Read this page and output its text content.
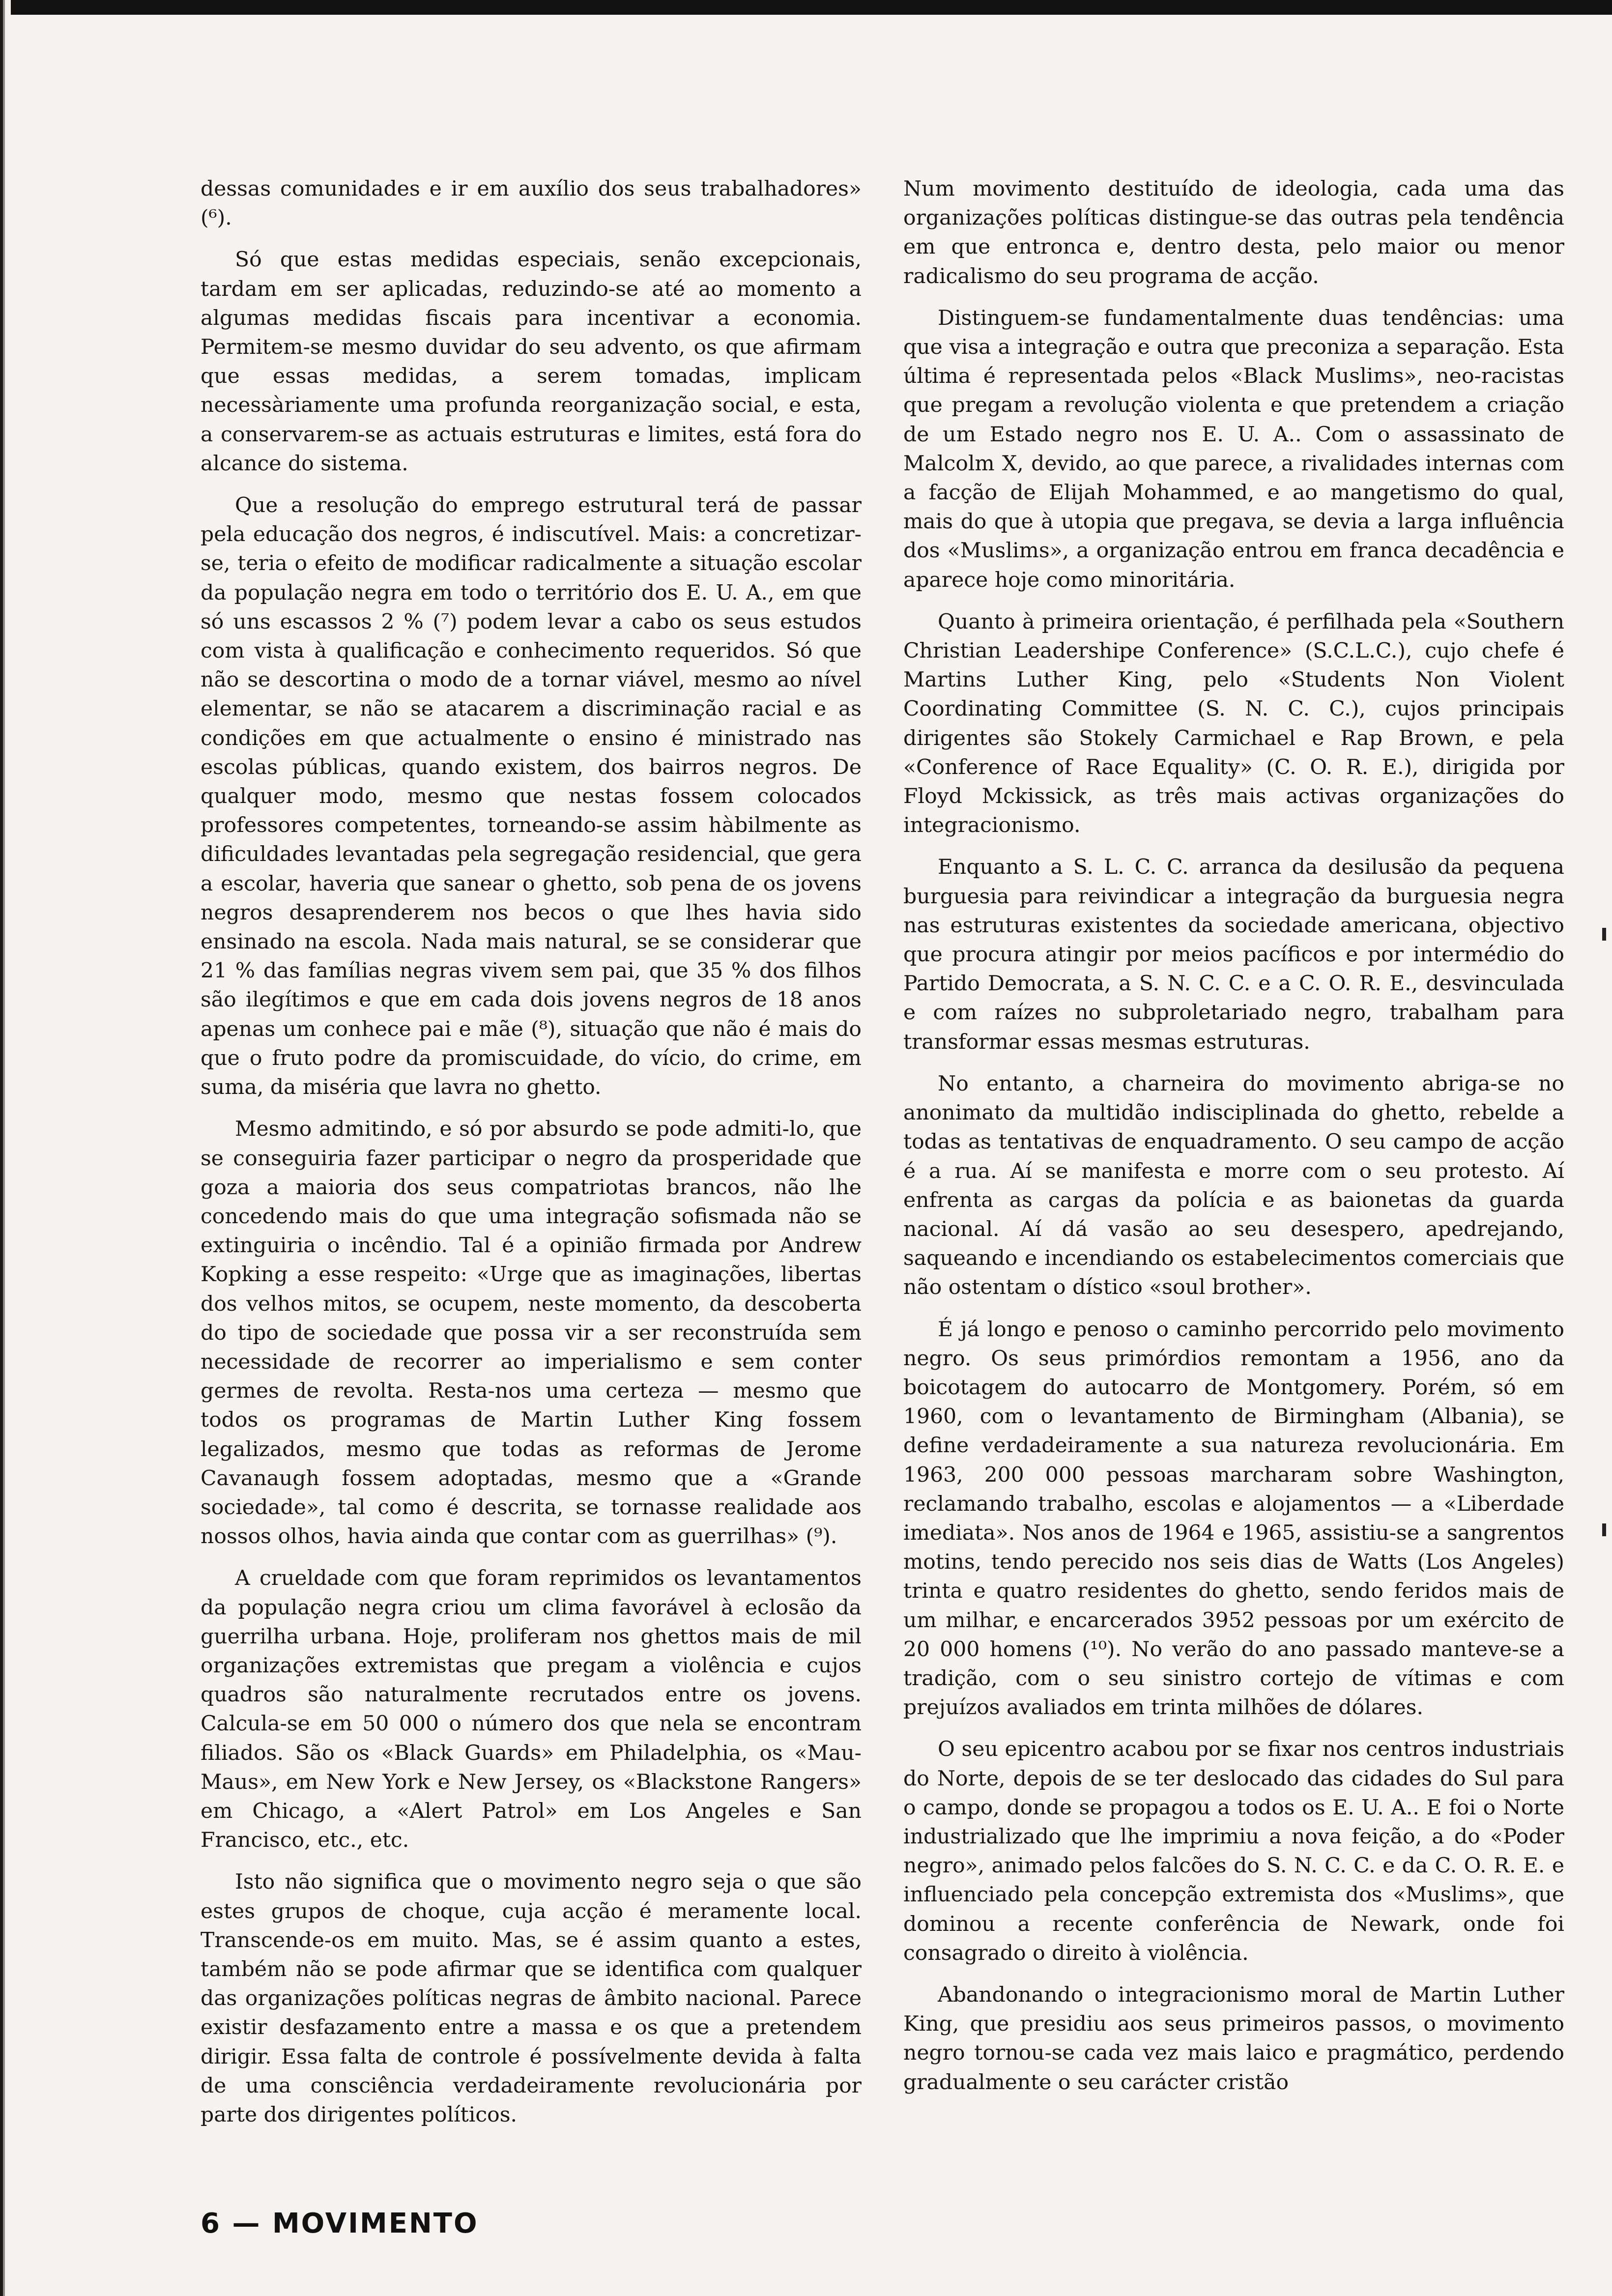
dessas comunidades e ir em auxílio dos seus trabalhadores» (⁶).

Só que estas medidas especiais, senão excepcionais, tardam em ser aplicadas, reduzindo-se até ao momento a algumas medidas fiscais para incentivar a economia. Permitem-se mesmo duvidar do seu advento, os que afirmam que essas medidas, a serem tomadas, implicam necessàriamente uma profunda reorganização social, e esta, a conservarem-se as actuais estruturas e limites, está fora do alcance do sistema.

Que a resolução do emprego estrutural terá de passar pela educação dos negros, é indiscutível. Mais: a concretizar-se, teria o efeito de modificar radicalmente a situação escolar da população negra em todo o território dos E. U. A., em que só uns escassos 2 % (⁷) podem levar a cabo os seus estudos com vista à qualificação e conhecimento requeridos. Só que não se descortina o modo de a tornar viável, mesmo ao nível elementar, se não se atacarem a discriminação racial e as condições em que actualmente o ensino é ministrado nas escolas públicas, quando existem, dos bairros negros. De qualquer modo, mesmo que nestas fossem colocados professores competentes, torneando-se assim hàbilmente as dificuldades levantadas pela segregação residencial, que gera a escolar, haveria que sanear o ghetto, sob pena de os jovens negros desaprenderem nos becos o que lhes havia sido ensinado na escola. Nada mais natural, se se considerar que 21 % das famílias negras vivem sem pai, que 35 % dos filhos são ilegítimos e que em cada dois jovens negros de 18 anos apenas um conhece pai e mãe (⁸), situação que não é mais do que o fruto podre da promiscuidade, do vício, do crime, em suma, da miséria que lavra no ghetto.

Mesmo admitindo, e só por absurdo se pode admiti-lo, que se conseguiria fazer participar o negro da prosperidade que goza a maioria dos seus compatriotas brancos, não lhe concedendo mais do que uma integração sofismada não se extinguiria o incêndio. Tal é a opinião firmada por Andrew Kopking a esse respeito: «Urge que as imaginações, libertas dos velhos mitos, se ocupem, neste momento, da descoberta do tipo de sociedade que possa vir a ser reconstruída sem necessidade de recorrer ao imperialismo e sem conter germes de revolta. Resta-nos uma certeza — mesmo que todos os programas de Martin Luther King fossem legalizados, mesmo que todas as reformas de Jerome Cavanaugh fossem adoptadas, mesmo que a «Grande sociedade», tal como é descrita, se tornasse realidade aos nossos olhos, havia ainda que contar com as guerrilhas» (⁹).

A crueldade com que foram reprimidos os levantamentos da população negra criou um clima favorável à eclosão da guerrilha urbana. Hoje, proliferam nos ghettos mais de mil organizações extremistas que pregam a violência e cujos quadros são naturalmente recrutados entre os jovens. Calcula-se em 50 000 o número dos que nela se encontram filiados. São os «Black Guards» em Philadelphia, os «Mau-Maus», em New York e New Jersey, os «Blackstone Rangers» em Chicago, a «Alert Patrol» em Los Angeles e San Francisco, etc., etc.

Isto não significa que o movimento negro seja o que são estes grupos de choque, cuja acção é meramente local. Transcende-os em muito. Mas, se é assim quanto a estes, também não se pode afirmar que se identifica com qualquer das organizações políticas negras de âmbito nacional. Parece existir desfazamento entre a massa e os que a pretendem dirigir. Essa falta de controle é possívelmente devida à falta de uma consciência verdadeiramente revolucionária por parte dos dirigentes políticos.

Num movimento destituído de ideologia, cada uma das organizações políticas distingue-se das outras pela tendência em que entronca e, dentro desta, pelo maior ou menor radicalismo do seu programa de acção.

Distinguem-se fundamentalmente duas tendências: uma que visa a integração e outra que preconiza a separação. Esta última é representada pelos «Black Muslims», neo-racistas que pregam a revolução violenta e que pretendem a criação de um Estado negro nos E. U. A.. Com o assassinato de Malcolm X, devido, ao que parece, a rivalidades internas com a facção de Elijah Mohammed, e ao mangetismo do qual, mais do que à utopia que pregava, se devia a larga influência dos «Muslims», a organização entrou em franca decadência e aparece hoje como minoritária.

Quanto à primeira orientação, é perfilhada pela «Southern Christian Leadershipe Conference» (S.C.L.C.), cujo chefe é Martins Luther King, pelo «Students Non Violent Coordinating Committee (S. N. C. C.), cujos principais dirigentes são Stokely Carmichael e Rap Brown, e pela «Conference of Race Equality» (C. O. R. E.), dirigida por Floyd Mckissick, as três mais activas organizações do integracionismo.

Enquanto a S. L. C. C. arranca da desilusão da pequena burguesia para reivindicar a integração da burguesia negra nas estruturas existentes da sociedade americana, objectivo que procura atingir por meios pacíficos e por intermédio do Partido Democrata, a S. N. C. C. e a C. O. R. E., desvinculada e com raízes no subproletariado negro, trabalham para transformar essas mesmas estruturas.

No entanto, a charneira do movimento abriga-se no anonimato da multidão indisciplinada do ghetto, rebelde a todas as tentativas de enquadramento. O seu campo de acção é a rua. Aí se manifesta e morre com o seu protesto. Aí enfrenta as cargas da polícia e as baionetas da guarda nacional. Aí dá vasão ao seu desespero, apedrejando, saqueando e incendiando os estabelecimentos comerciais que não ostentam o dístico «soul brother».

É já longo e penoso o caminho percorrido pelo movimento negro. Os seus primórdios remontam a 1956, ano da boicotagem do autocarro de Montgomery. Porém, só em 1960, com o levantamento de Birmingham (Albania), se define verdadeiramente a sua natureza revolucionária. Em 1963, 200 000 pessoas marcharam sobre Washington, reclamando trabalho, escolas e alojamentos — a «Liberdade imediata». Nos anos de 1964 e 1965, assistiu-se a sangrentos motins, tendo perecido nos seis dias de Watts (Los Angeles) trinta e quatro residentes do ghetto, sendo feridos mais de um milhar, e encarcerados 3952 pessoas por um exército de 20 000 homens (¹⁰). No verão do ano passado manteve-se a tradição, com o seu sinistro cortejo de vítimas e com prejuízos avaliados em trinta milhões de dólares.

O seu epicentro acabou por se fixar nos centros industriais do Norte, depois de se ter deslocado das cidades do Sul para o campo, donde se propagou a todos os E. U. A.. E foi o Norte industrializado que lhe imprimiu a nova feição, a do «Poder negro», animado pelos falcões do S. N. C. C. e da C. O. R. E. e influenciado pela concepção extremista dos «Muslims», que dominou a recente conferência de Newark, onde foi consagrado o direito à violência.

Abandonando o integracionismo moral de Martin Luther King, que presidiu aos seus primeiros passos, o movimento negro tornou-se cada vez mais laico e pragmático, perdendo gradualmente o seu carácter cristão

6 — MOVIMENTO
